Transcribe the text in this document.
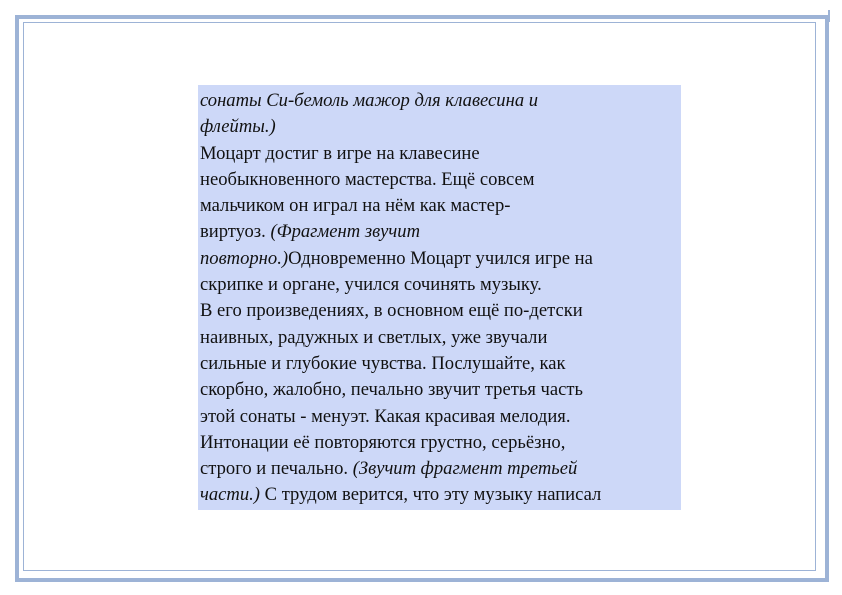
сонаты Си-бемоль мажор для клавесина и
флейты.)
Моцарт достиг в игре на клавесине
необыкновенного мастерства. Ещё совсем
мальчиком он играл на нём как мастер-
виртуоз. (Фрагмент звучит
повторно.)Одновременно Моцарт учился игре на
скрипке и органе, учился сочинять музыку.
В его произведениях, в основном ещё по-детски
наивных, радужных и светлых, уже звучали
сильные и глубокие чувства. Послушайте, как
скорбно, жалобно, печально звучит третья часть
этой сонаты - менуэт. Какая красивая мелодия.
Интонации её повторяются грустно, серьёзно,
строго и печально. (Звучит фрагмент третьей
части.) С трудом верится, что эту музыку написал
